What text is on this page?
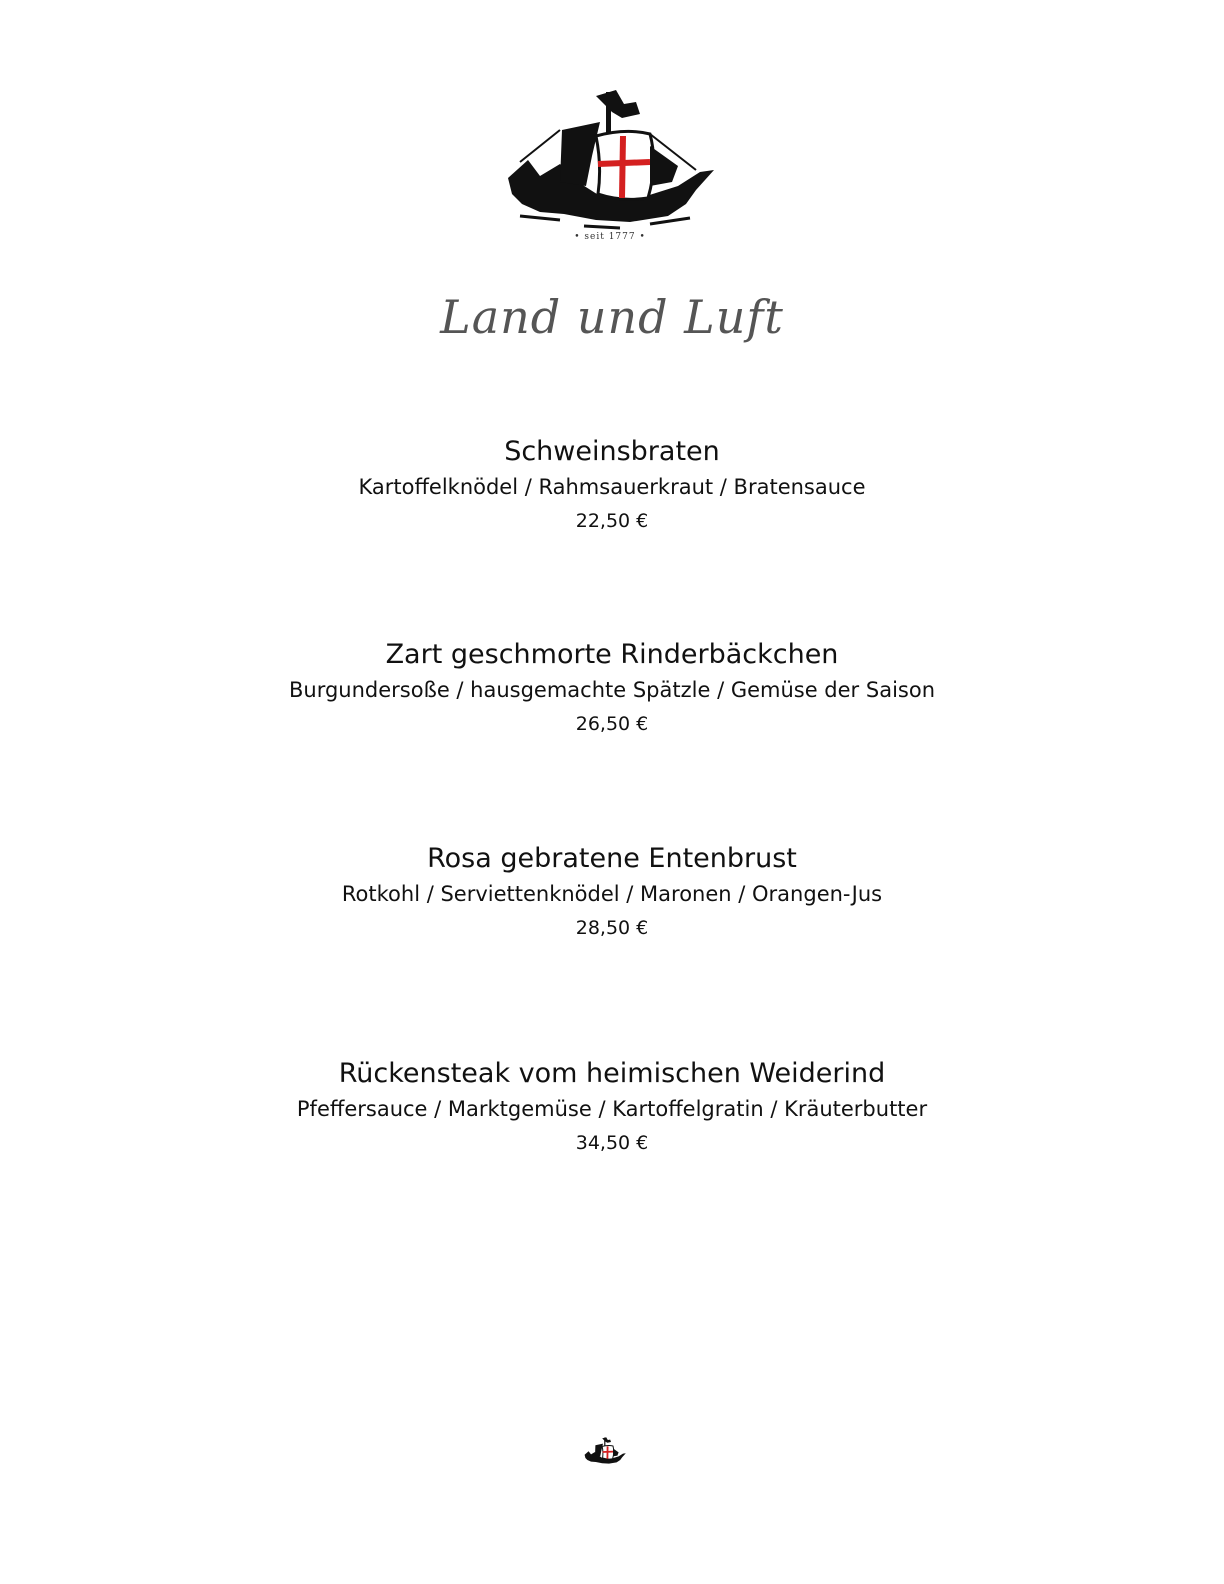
• seit 1777 •
Land und Luft
Schweinsbraten
Kartoffelknödel / Rahmsauerkraut / Bratensauce
22,50 €
Zart geschmorte Rinderbäckchen
Burgundersoße / hausgemachte Spätzle / Gemüse der Saison
26,50 €
Rosa gebratene Entenbrust
Rotkohl / Serviettenknödel / Maronen / Orangen-Jus
28,50 €
Rückensteak vom heimischen Weiderind
Pfeffersauce / Marktgemüse / Kartoffelgratin / Kräuterbutter
34,50 €
